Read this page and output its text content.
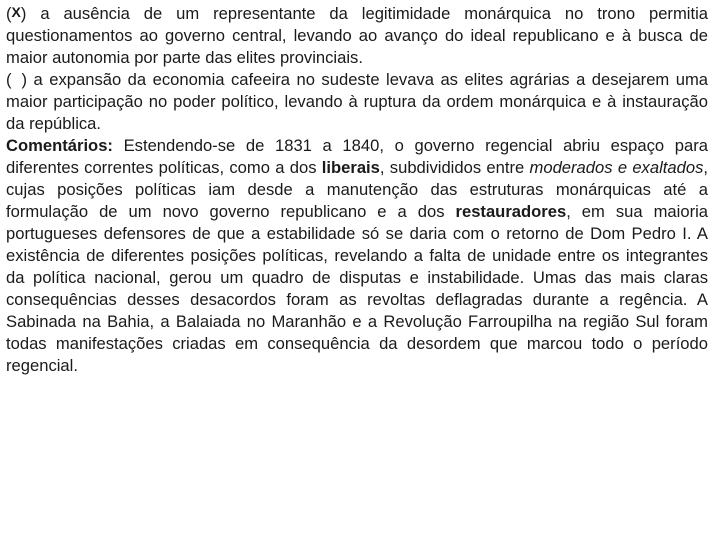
(X) a ausência de um representante da legitimidade monárquica no trono permitia questionamentos ao governo central, levando ao avanço do ideal republicano e à busca de maior autonomia por parte das elites provinciais.

( ) a expansão da economia cafeeira no sudeste levava as elites agrárias a desejarem uma maior participação no poder político, levando à ruptura da ordem monárquica e à instauração da república.

Comentários: Estendendo-se de 1831 a 1840, o governo regencial abriu espaço para diferentes correntes políticas, como a dos liberais, subdivididos entre moderados e exaltados, cujas posições políticas iam desde a manutenção das estruturas monárquicas até a formulação de um novo governo republicano e a dos restauradores, em sua maioria portugueses defensores de que a estabilidade só se daria com o retorno de Dom Pedro I. A existência de diferentes posições políticas, revelando a falta de unidade entre os integrantes da política nacional, gerou um quadro de disputas e instabilidade. Umas das mais claras consequências desses desacordos foram as revoltas deflagradas durante a regência. A Sabinada na Bahia, a Balaiada no Maranhão e a Revolução Farroupilha na região Sul foram todas manifestações criadas em consequência da desordem que marcou todo o período regencial.
